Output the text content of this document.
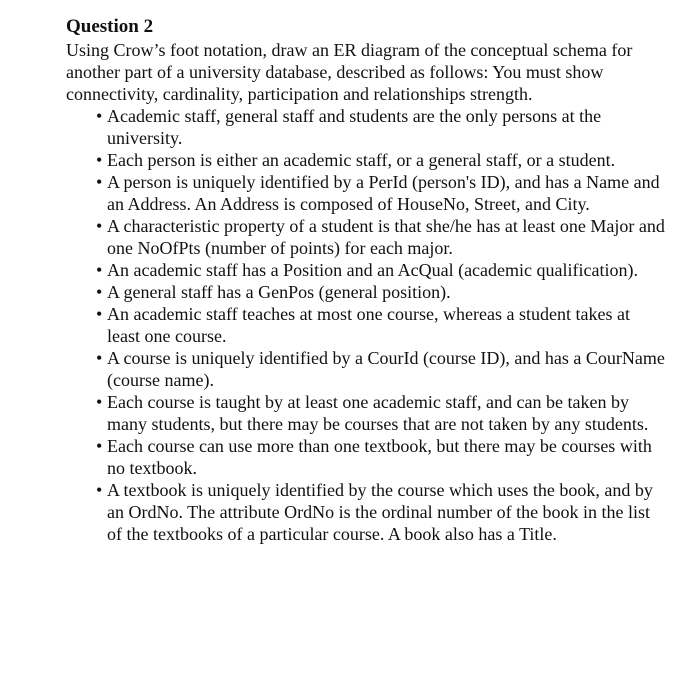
Question 2

Using Crow’s foot notation, draw an ER diagram of the conceptual schema for another part of a university database, described as follows: You must show connectivity, cardinality, participation and relationships strength.

• Academic staff, general staff and students are the only persons at the university.
• Each person is either an academic staff, or a general staff, or a student.
• A person is uniquely identified by a PerId (person's ID), and has a Name and an Address. An Address is composed of HouseNo, Street, and City.
• A characteristic property of a student is that she/he has at least one Major and one NoOfPts (number of points) for each major.
• An academic staff has a Position and an AcQual (academic qualification).
• A general staff has a GenPos (general position).
• An academic staff teaches at most one course, whereas a student takes at least one course.
• A course is uniquely identified by a CourId (course ID), and has a CourName (course name).
• Each course is taught by at least one academic staff, and can be taken by many students, but there may be courses that are not taken by any students.
• Each course can use more than one textbook, but there may be courses with no textbook.
• A textbook is uniquely identified by the course which uses the book, and by an OrdNo. The attribute OrdNo is the ordinal number of the book in the list of the textbooks of a particular course. A book also has a Title.
